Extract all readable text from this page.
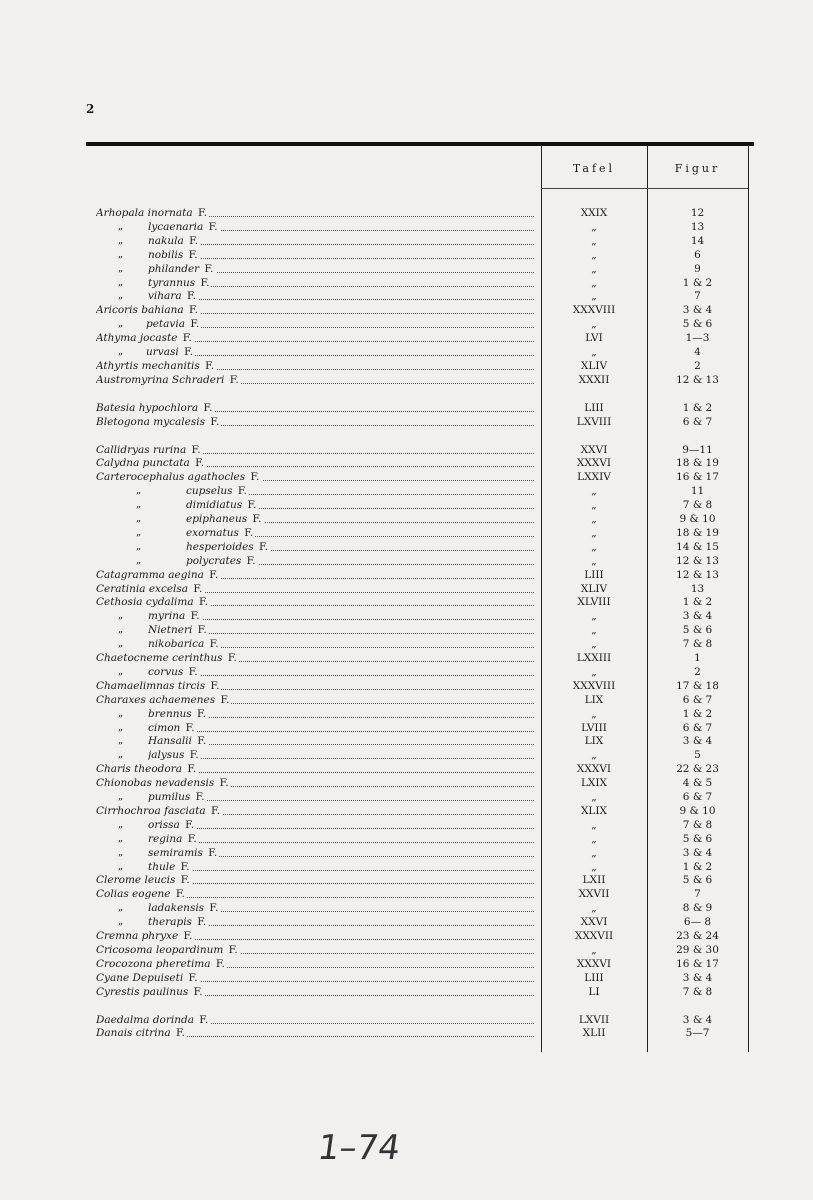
2
Tafel	Figur
Arhopala inornata F.	XXIX	12
„ lycaenaria F.	„	13
„ nakula F.	„	14
„ nobilis F.	„	6
„ philander F.	„	9
„ tyrannus F.	„	1 & 2
„ vihara F.	„	7
Aricoris bahiana F.	XXXVIII	3 & 4
„ petavia F.	„	5 & 6
Athyma jocaste F.	LVI	1—3
„ urvasi F.	„	4
Athyrtis mechanitis F.	XLIV	2
Austromyrina Schraderi F.	XXXII	12 & 13
Batesia hypochlora F.	LIII	1 & 2
Bletogona mycalesis F.	LXVIII	6 & 7
Callidryas rurina F.	XXVI	9—11
Calydna punctata F.	XXXVI	18 & 19
Carterocephalus agathocles F.	LXXIV	16 & 17
„	cupselus F.	„	11
„	dimidiatus F.	„	7 & 8
„	epiphaneus F.	„	9 & 10
„	exornatus F.	„	18 & 19
„	hesperioides F.	„	14 & 15
„	polycrates F.	„	12 & 13
Catagramma aegina F.	LIII	12 & 13
Ceratinia excelsa F.	XLIV	13
Cethosia cydalima F.	XLVIII	1 & 2
„ myrina F.	„	3 & 4
„ Nietneri F.	„	5 & 6
„ nikobarica F.	„	7 & 8
Chaetocneme cerinthus F.	LXXIII	1
„ corvus F.	„	2
Chamaelimnas tircis F.	XXXVIII	17 & 18
Charaxes achaemenes F.	LIX	6 & 7
„ brennus F.	„	1 & 2
„ cimon F.	LVIII	6 & 7
„ Hansalii F.	LIX	3 & 4
„ jalysus F.	„	5
Charis theodora F.	XXXVI	22 & 23
Chionobas nevadensis F.	LXIX	4 & 5
„ pumilus F.	„	6 & 7
Cirrhochroa fasciata F.	XLIX	9 & 10
„ orissa F.	„	7 & 8
„ regina F.	„	5 & 6
„ semiramis F.	„	3 & 4
„ thule F.	„	1 & 2
Clerome leucis F.	LXII	5 & 6
Colias eogene F.	XXVII	7
„ ladakensis F.	„	8 & 9
„ therapis F.	XXVI	6— 8
Cremna phryxe F.	XXXVII	23 & 24
Cricosoma leopardinum F.	„	29 & 30
Crocozona pheretima F.	XXXVI	16 & 17
Cyane Depuiseti F.	LIII	3 & 4
Cyrestis paulinus F.	LI	7 & 8
Daedalma dorinda F.	LXVII	3 & 4
Danais citrina F.	XLII	5—7
1–74
